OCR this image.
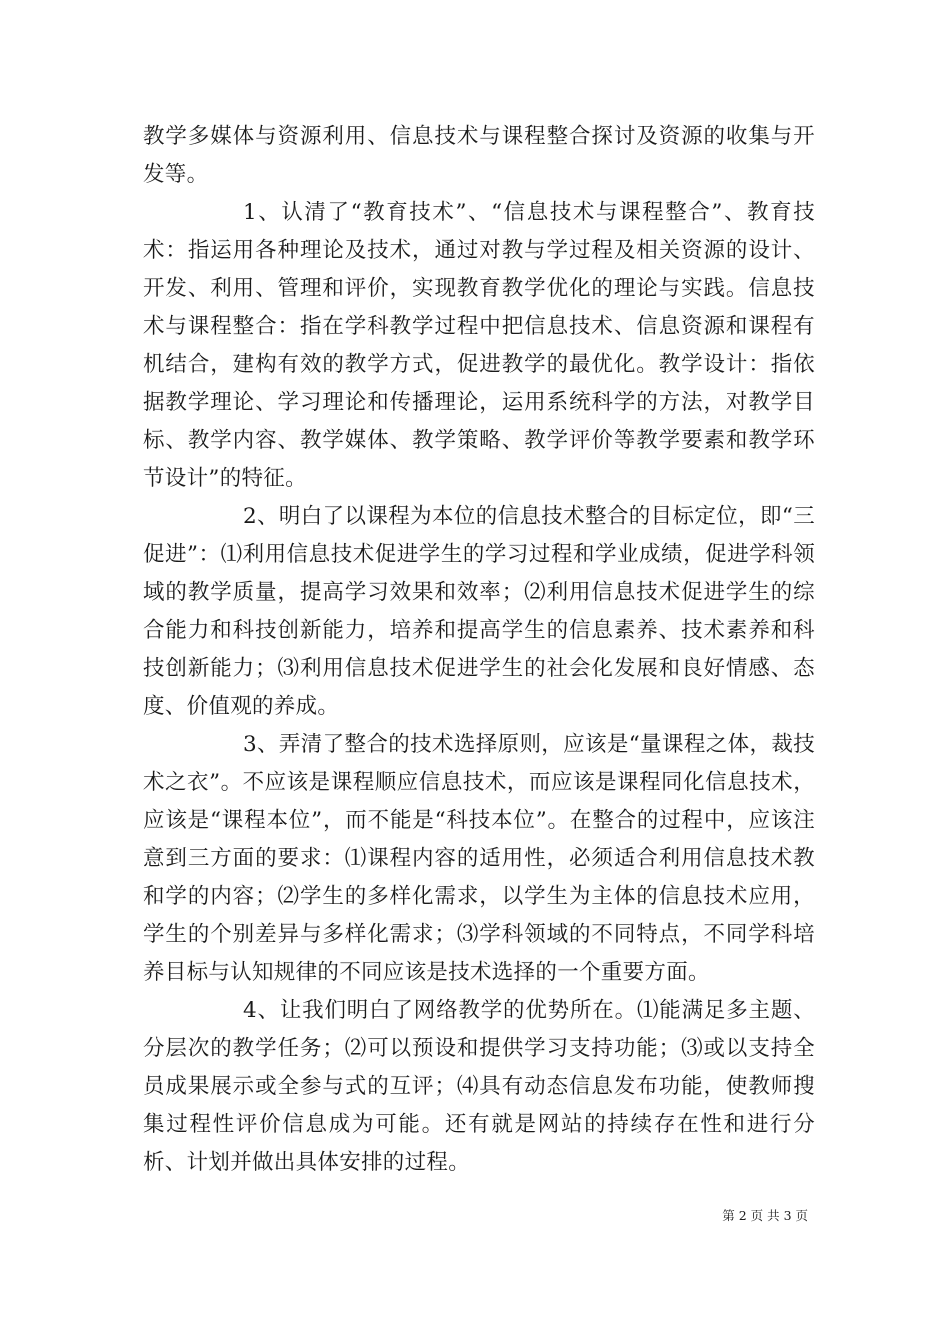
教学多媒体与资源利用、信息技术与课程整合探讨及资源的收集与开发等。

1、认清了“教育技术”、“信息技术与课程整合”、教育技术：指运用各种理论及技术，通过对教与学过程及相关资源的设计、开发、利用、管理和评价，实现教育教学优化的理论与实践。信息技术与课程整合：指在学科教学过程中把信息技术、信息资源和课程有机结合，建构有效的教学方式，促进教学的最优化。教学设计：指依据教学理论、学习理论和传播理论，运用系统科学的方法，对教学目标、教学内容、教学媒体、教学策略、教学评价等教学要素和教学环节设计”的特征。

2、明白了以课程为本位的信息技术整合的目标定位，即“三促进”：⑴利用信息技术促进学生的学习过程和学业成绩，促进学科领域的教学质量，提高学习效果和效率；⑵利用信息技术促进学生的综合能力和科技创新能力，培养和提高学生的信息素养、技术素养和科技创新能力；⑶利用信息技术促进学生的社会化发展和良好情感、态度、价值观的养成。

3、弄清了整合的技术选择原则，应该是“量课程之体，裁技术之衣”。不应该是课程顺应信息技术，而应该是课程同化信息技术，应该是“课程本位”，而不能是“科技本位”。在整合的过程中，应该注意到三方面的要求：⑴课程内容的适用性，必须适合利用信息技术教和学的内容；⑵学生的多样化需求，以学生为主体的信息技术应用，学生的个别差异与多样化需求；⑶学科领域的不同特点，不同学科培养目标与认知规律的不同应该是技术选择的一个重要方面。

4、让我们明白了网络教学的优势所在。⑴能满足多主题、分层次的教学任务；⑵可以预设和提供学习支持功能；⑶或以支持全员成果展示或全参与式的互评；⑷具有动态信息发布功能，使教师搜集过程性评价信息成为可能。还有就是网站的持续存在性和进行分析、计划并做出具体安排的过程。

第 2 页 共 3 页
